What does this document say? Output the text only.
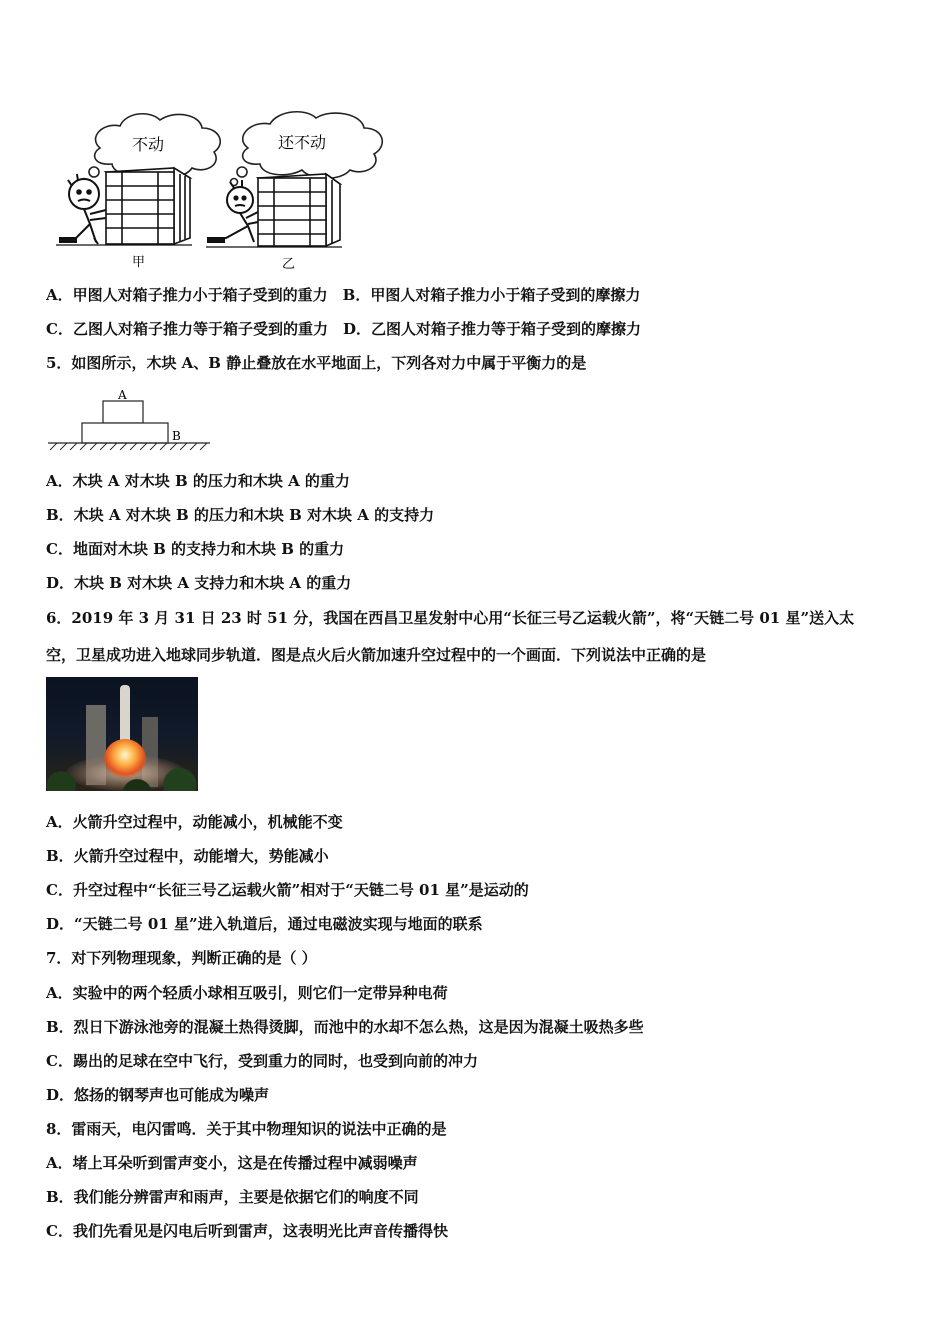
不动	还不动
甲	乙
A．甲图人对箱子推力小于箱子受到的重力　B．甲图人对箱子推力小于箱子受到的摩擦力
C．乙图人对箱子推力等于箱子受到的重力　D．乙图人对箱子推力等于箱子受到的摩擦力
5．如图所示，木块 A、B 静止叠放在水平地面上，下列各对力中属于平衡力的是
A
B
A．木块 A 对木块 B 的压力和木块 A 的重力
B．木块 A 对木块 B 的压力和木块 B 对木块 A 的支持力
C．地面对木块 B 的支持力和木块 B 的重力
D．木块 B 对木块 A 支持力和木块 A 的重力
6．2019 年 3 月 31 日 23 时 51 分，我国在西昌卫星发射中心用“长征三号乙运载火箭”，将“天链二号 01 星”送入太
空，卫星成功进入地球同步轨道．图是点火后火箭加速升空过程中的一个画面．下列说法中正确的是
A．火箭升空过程中，动能减小，机械能不变
B．火箭升空过程中，动能增大，势能减小
C．升空过程中“长征三号乙运载火箭”相对于“天链二号 01 星”是运动的
D．“天链二号 01 星”进入轨道后，通过电磁波实现与地面的联系
7．对下列物理现象，判断正确的是（ ）
A．实验中的两个轻质小球相互吸引，则它们一定带异种电荷
B．烈日下游泳池旁的混凝土热得烫脚，而池中的水却不怎么热，这是因为混凝土吸热多些
C．踢出的足球在空中飞行，受到重力的同时，也受到向前的冲力
D．悠扬的钢琴声也可能成为噪声
8．雷雨天，电闪雷鸣．关于其中物理知识的说法中正确的是
A．堵上耳朵听到雷声变小，这是在传播过程中减弱噪声
B．我们能分辨雷声和雨声，主要是依据它们的响度不同
C．我们先看见是闪电后听到雷声，这表明光比声音传播得快
